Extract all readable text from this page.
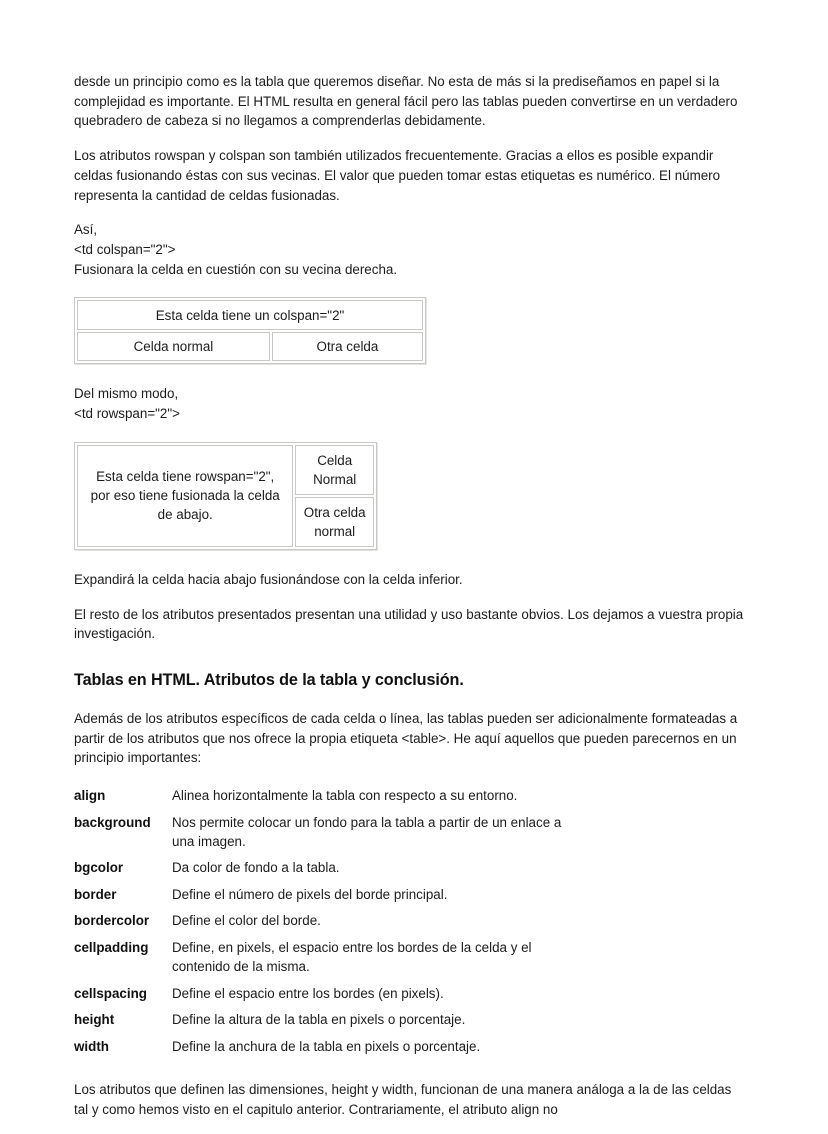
desde un principio como es la tabla que queremos diseñar. No esta de más si la prediseñamos en papel si la complejidad es importante. El HTML resulta en general fácil pero las tablas pueden convertirse en un verdadero quebradero de cabeza si no llegamos a comprenderlas debidamente.

Los atributos rowspan y colspan son también utilizados frecuentemente. Gracias a ellos es posible expandir celdas fusionando éstas con sus vecinas. El valor que pueden tomar estas etiquetas es numérico. El número representa la cantidad de celdas fusionadas.

Así,
<td colspan="2">
Fusionara la celda en cuestión con su vecina derecha.
Esta celda tiene un colspan="2"
Celda normal	Otra celda
Del mismo modo,
<td rowspan="2">
Esta celda tiene rowspan="2", por eso tiene fusionada la celda de abajo.	Celda Normal
Otra celda normal

Expandirá la celda hacia abajo fusionándose con la celda inferior.

El resto de los atributos presentados presentan una utilidad y uso bastante obvios. Los dejamos a vuestra propia investigación.

Tablas en HTML. Atributos de la tabla y conclusión.

Además de los atributos específicos de cada celda o línea, las tablas pueden ser adicionalmente formateadas a partir de los atributos que nos ofrece la propia etiqueta <table>. He aquí aquellos que pueden parecernos en un principio importantes:

align	Alinea horizontalmente la tabla con respecto a su entorno.
background	Nos permite colocar un fondo para la tabla a partir de un enlace a una imagen.
bgcolor	Da color de fondo a la tabla.
border	Define el número de pixels del borde principal.
bordercolor	Define el color del borde.
cellpadding	Define, en pixels, el espacio entre los bordes de la celda y el contenido de la misma.
cellspacing	Define el espacio entre los bordes (en pixels).
height	Define la altura de la tabla en pixels o porcentaje.
width	Define la anchura de la tabla en pixels o porcentaje.

Los atributos que definen las dimensiones, height y width, funcionan de una manera análoga a la de las celdas tal y como hemos visto en el capitulo anterior. Contrariamente, el atributo align no
